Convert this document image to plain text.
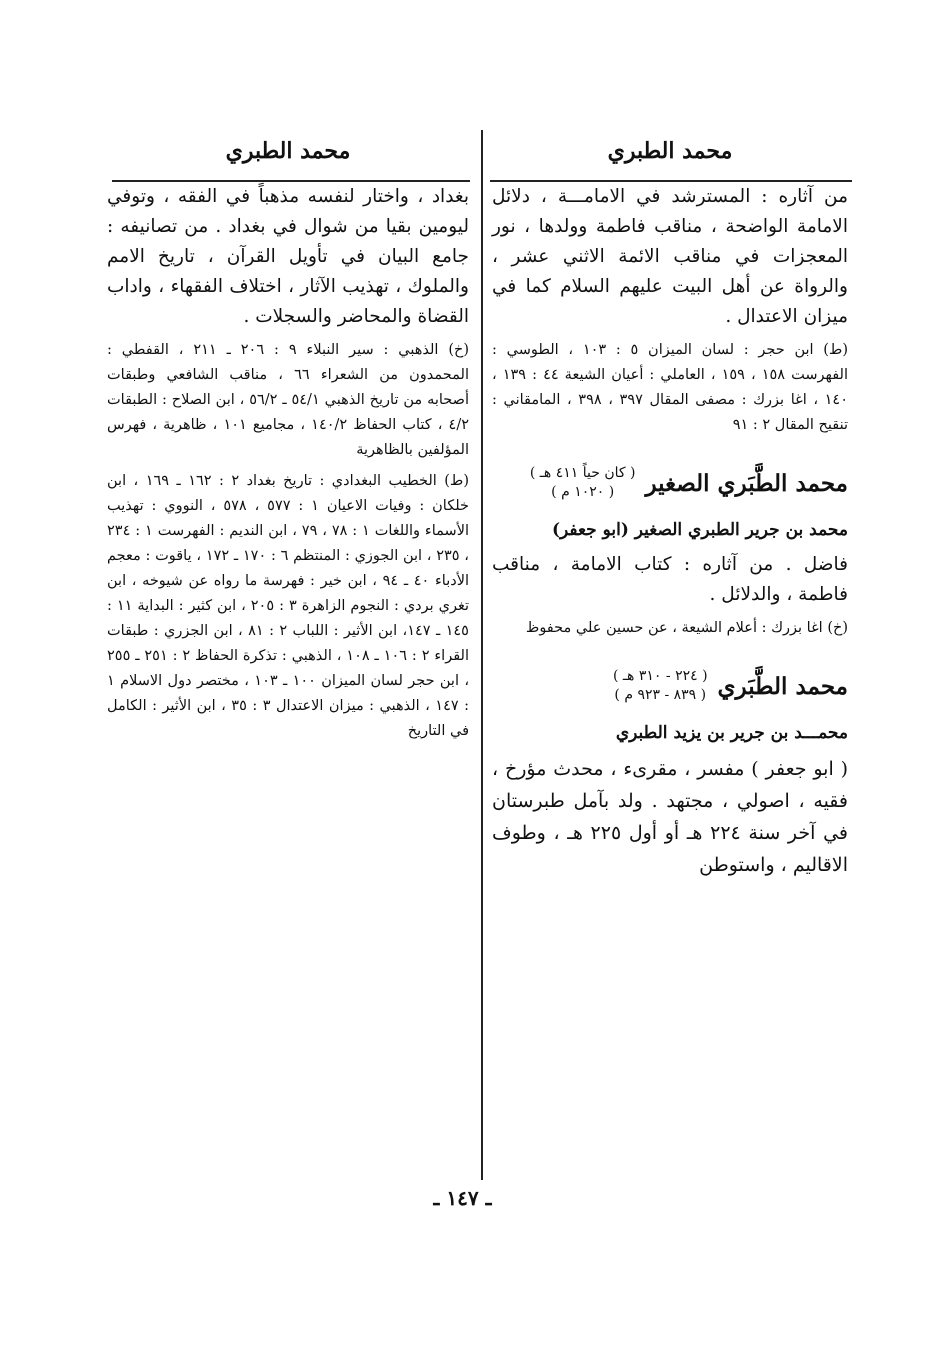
محمد الطبري

من آثاره : المسترشد في الامامـــة ، دلائل الامامة الواضحة ، مناقب فاطمة وولدها ، نور المعجزات في مناقب الائمة الاثني عشر ، والرواة عن أهل البيت عليهم السلام كما في ميزان الاعتدال .

(ط) ابن حجر : لسان الميزان ٥ : ١٠٣ ، الطوسي : الفهرست ١٥٨ ، ١٥٩ ، العاملي : أعيان الشيعة ٤٤ : ١٣٩ ، ١٤٠ ، اغا بزرك : مصفى المقال ٣٩٧ ، ٣٩٨ ، المامقاني : تنقيح المقال ٢ : ٩١

محمد الطَّبَري الصغير
( كان حياً ٤١١ هـ )
( ١٠٢٠ م )
محمد بن جرير الطبري الصغير (ابو جعفر)

فاضل . من آثاره : كتاب الامامة ، مناقب فاطمة ، والدلائل .

(خ) اغا بزرك : أعلام الشيعة ، عن حسين علي محفوظ

محمد الطَّبَري
( ٢٢٤ - ٣١٠ هـ )
( ٨٣٩ - ٩٢٣ م )
محمـــد بن جرير بن يزيد الطبري

( ابو جعفر ) مفسر ، مقرىء ، محدث مؤرخ ، فقيه ، اصولي ، مجتهد . ولد بآمل طبرستان في آخر سنة ٢٢٤ هـ أو أول ٢٢٥ هـ ، وطوف الاقاليم ، واستوطن

محمد الطبري

بغداد ، واختار لنفسه مذهباً في الفقه ، وتوفي ليومين بقيا من شوال في بغداد . من تصانيفه : جامع البيان في تأويل القرآن ، تاريخ الامم والملوك ، تهذيب الآثار ، اختلاف الفقهاء ، واداب القضاة والمحاضر والسجلات .

(خ) الذهبي : سير النبلاء ٩ : ٢٠٦ ـ ٢١١ ، القفطي : المحمدون من الشعراء ٦٦ ، مناقب الشافعي وطبقات أصحابه من تاريخ الذهبي ٥٤/١ ـ ٥٦/٢ ، ابن الصلاح : الطبقات ٤/٢ ، كتاب الحفاظ ١٤٠/٢ ، مجاميع ١٠١ ، ظاهرية ، فهرس المؤلفين بالظاهرية

(ط) الخطيب البغدادي : تاريخ بغداد ٢ : ١٦٢ ـ ١٦٩ ، ابن خلكان : وفيات الاعيان ١ : ٥٧٧ ، ٥٧٨ ، النووي : تهذيب الأسماء واللغات ١ : ٧٨ ، ٧٩ ، ابن النديم : الفهرست ١ : ٢٣٤ ، ٢٣٥ ، ابن الجوزي : المنتظم ٦ : ١٧٠ ـ ١٧٢ ، ياقوت : معجم الأدباء ٤٠ ـ ٩٤ ، ابن خير : فهرسة ما رواه عن شيوخه ، ابن تغري بردي : النجوم الزاهرة ٣ : ٢٠٥ ، ابن كثير : البداية ١١ : ١٤٥ ـ ١٤٧، ابن الأثير : اللباب ٢ : ٨١ ، ابن الجزري : طبقات القراء ٢ : ١٠٦ ـ ١٠٨ ، الذهبي : تذكرة الحفاظ ٢ : ٢٥١ ـ ٢٥٥ ، ابن حجر لسان الميزان ١٠٠ ـ ١٠٣ ، مختصر دول الاسلام ١ : ١٤٧ ، الذهبي : ميزان الاعتدال ٣ : ٣٥ ، ابن الأثير : الكامل في التاريخ

ـ ١٤٧ ـ
